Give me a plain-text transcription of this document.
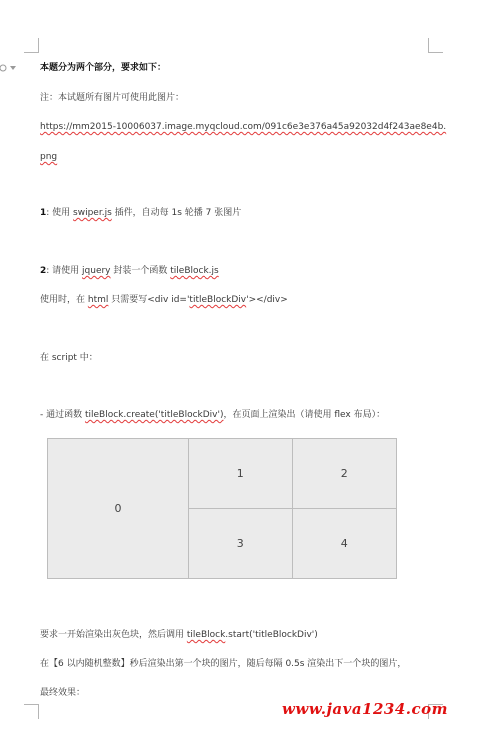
本题分为两个部分，要求如下：
注：本试题所有图片可使用此图片：
https://mm2015-10006037.image.myqcloud.com/091c6e3e376a45a92032d4f243ae8e4b.
png
1: 使用 swiper.js 插件，自动每 1s 轮播 7 张图片
2: 请使用 jquery 封装一个函数 tileBlock.js
使用时，在 html 只需要写<div id='titleBlockDiv'></div>
在 script 中：
- 通过函数 tileBlock.create('titleBlockDiv')，在页面上渲染出（请使用 flex 布局）：
0
1	2
3	4
要求一开始渲染出灰色块，然后调用 tileBlock.start('titleBlockDiv')
在【6 以内随机整数】秒后渲染出第一个块的图片，随后每隔 0.5s 渲染出下一个块的图片，
最终效果：
www.java1234.com
